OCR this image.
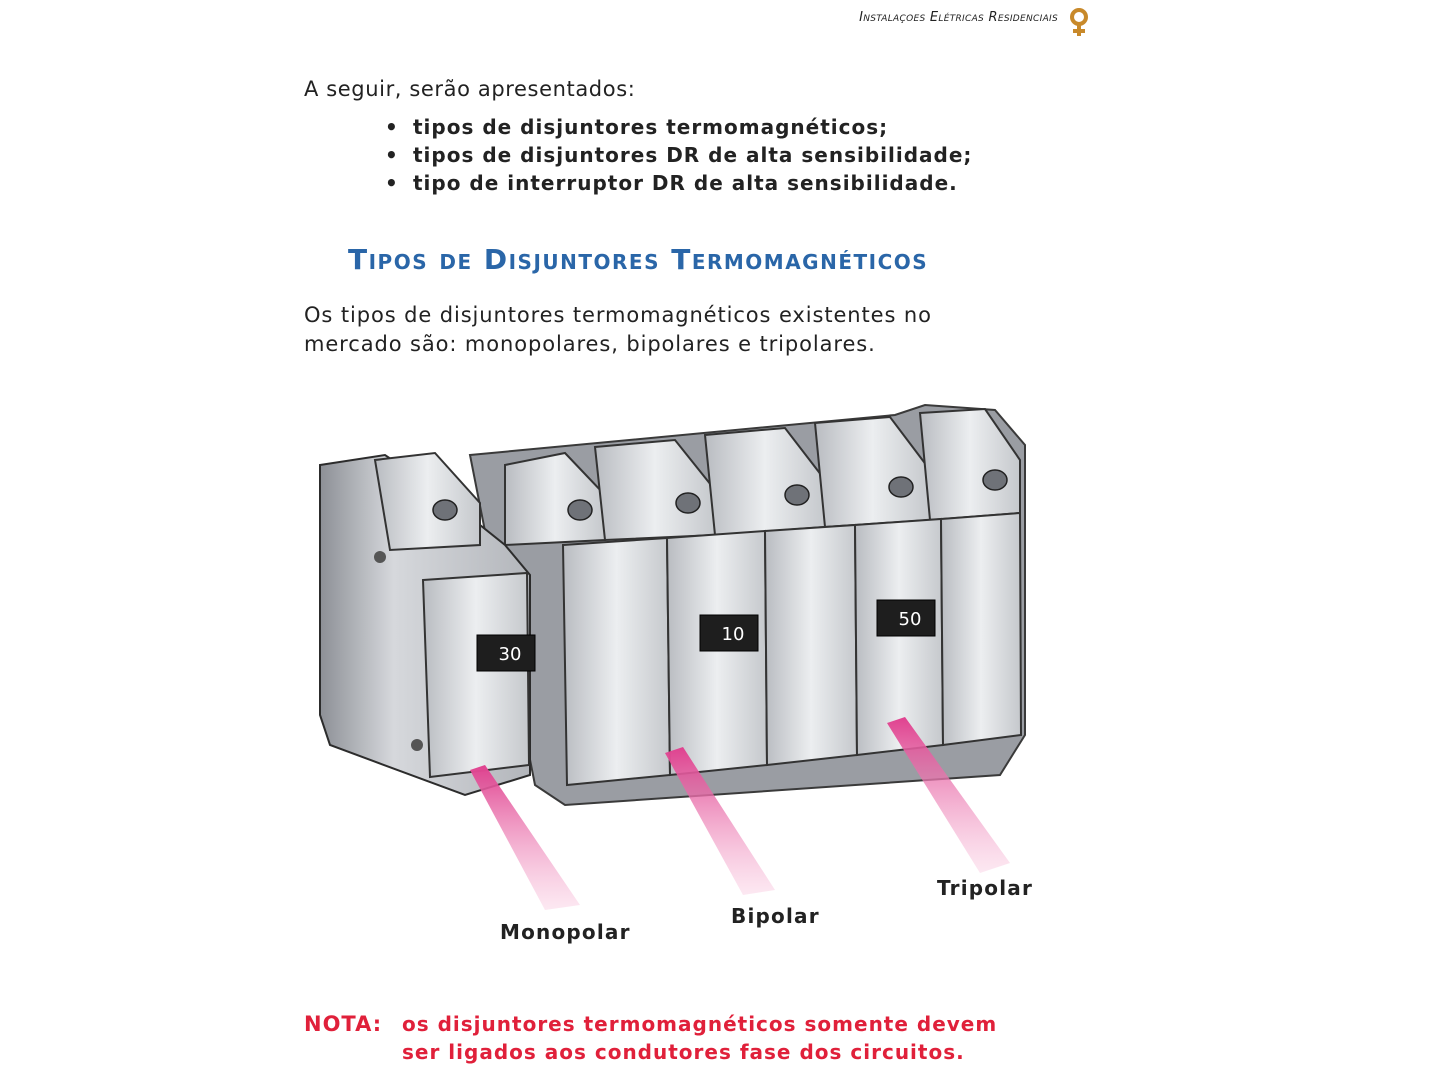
Instalaçoes Elétricas Residenciais
A seguir, serão apresentados:
• tipos de disjuntores termomagnéticos;
• tipos de disjuntores DR de alta sensibilidade;
• tipo de interruptor DR de alta sensibilidade.
Tipos de Disjuntores Termomagnéticos
Os tipos de disjuntores termomagnéticos existentes no
mercado são: monopolares, bipolares e tripolares.
30
10
50
Monopolar
Bipolar
Tripolar
NOTA: os disjuntores termomagnéticos somente devem
ser ligados aos condutores fase dos circuitos.
